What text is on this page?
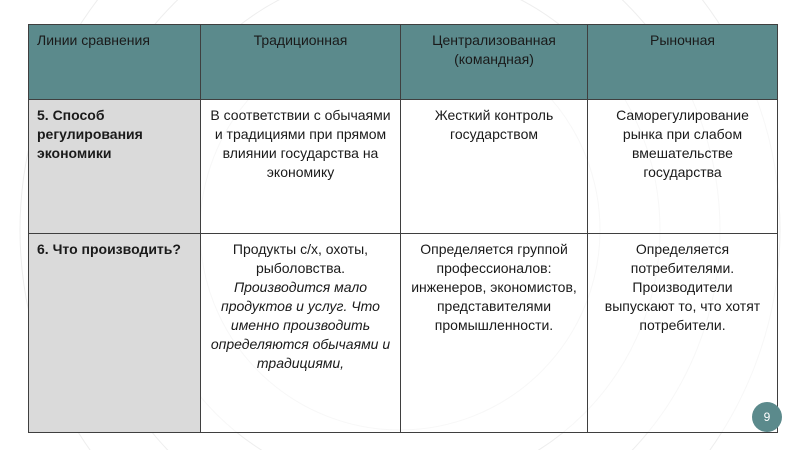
Линии сравнения	Традиционная	Централизованная (командная)	Рыночная
5. Способ регулирования экономики	В соответствии с обычаями и традициями при прямом влиянии государства на экономику	Жесткий контроль государством	Саморегулирование рынка при слабом вмешательстве государства
6. Что производить?	Продукты с/х, охоты, рыболовства. Производится мало продуктов и услуг. Что именно производить определяются обычаями и традициями,	Определяется группой профессионалов: инженеров, экономистов, представителями промышленности.	Определяется потребителями. Производители выпускают то, что хотят потребители.
9
